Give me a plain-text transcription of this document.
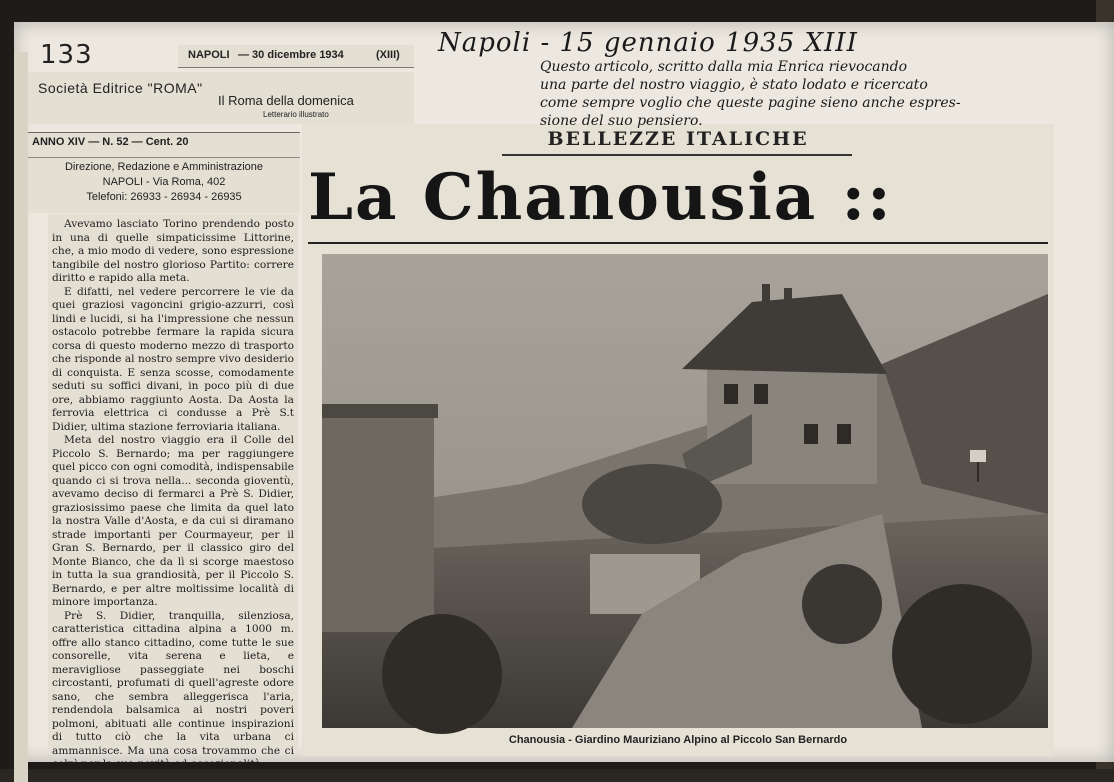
133	NAPOLI — 30 dicembre 1934	(XIII)
Società Editrice "ROMA"
Il Roma della domenica
Letterario illustrato
ANNO XIV — N. 52 — Cent. 20
Direzione, Redazione e Amministrazione
NAPOLI - Via Roma, 402
Telefoni: 26933 - 26934 - 26935

Avevamo lasciato Torino prendendo posto in una di quelle simpaticissime Littorine, che, a mio modo di vedere, sono espressione tangibile del nostro glorioso Partito: correre diritto e rapido alla meta.

E difatti, nel vedere percorrere le vie da quei graziosi vagoncini grigio-azzurri, così lindi e lucidi, si ha l'impressione che nessun ostacolo potrebbe fermare la rapida sicura corsa di questo moderno mezzo di trasporto che risponde al nostro sempre vivo desiderio di conquista. E senza scosse, comodamente seduti su soffici divani, in poco più di due ore, abbiamo raggiunto Aosta. Da Aosta la ferrovia elettrica ci condusse a Prè S.t Didier, ultima stazione ferroviaria italiana.

Meta del nostro viaggio era il Colle del Piccolo S. Bernardo; ma per raggiungere quel picco con ogni comodità, indispensabile quando ci si trova nella... seconda gioventù, avevamo deciso di fermarci a Prè S. Didier, graziosissimo paese che limita da quel lato la nostra Valle d'Aosta, e da cui si diramano strade importanti per Courmayeur, per il Gran S. Bernardo, per il classico giro del Monte Bianco, che da lì si scorge maestoso in tutta la sua grandiosità, per il Piccolo S. Bernardo, e per altre moltissime località di minore importanza.

Prè S. Didier, tranquilla, silenziosa, caratteristica cittadina alpina a 1000 m. offre allo stanco cittadino, come tutte le sue consorelle, vita serena e lieta, e meravigliose passeggiate nei boschi circostanti, profumati di quell'agreste odore sano, che sembra alleggerisca l'aria, rendendola balsamica ai nostri poveri polmoni, abituati alle continue inspirazioni di tutto ciò che la vita urbana ci ammannisce. Ma una cosa trovammo che ci colpì per la sua novità ed eccezionalità.

BELLEZZE ITALICHE
La Chanousia ::
Chanousia - Giardino Mauriziano Alpino al Piccolo San Bernardo
Napoli - 15 gennaio 1935 XIII
Questo articolo, scritto dalla mia Enrica rievocando
una parte del nostro viaggio, è stato lodato e ricercato
come sempre voglio che queste pagine sieno anche espres-
sione del suo pensiero.
